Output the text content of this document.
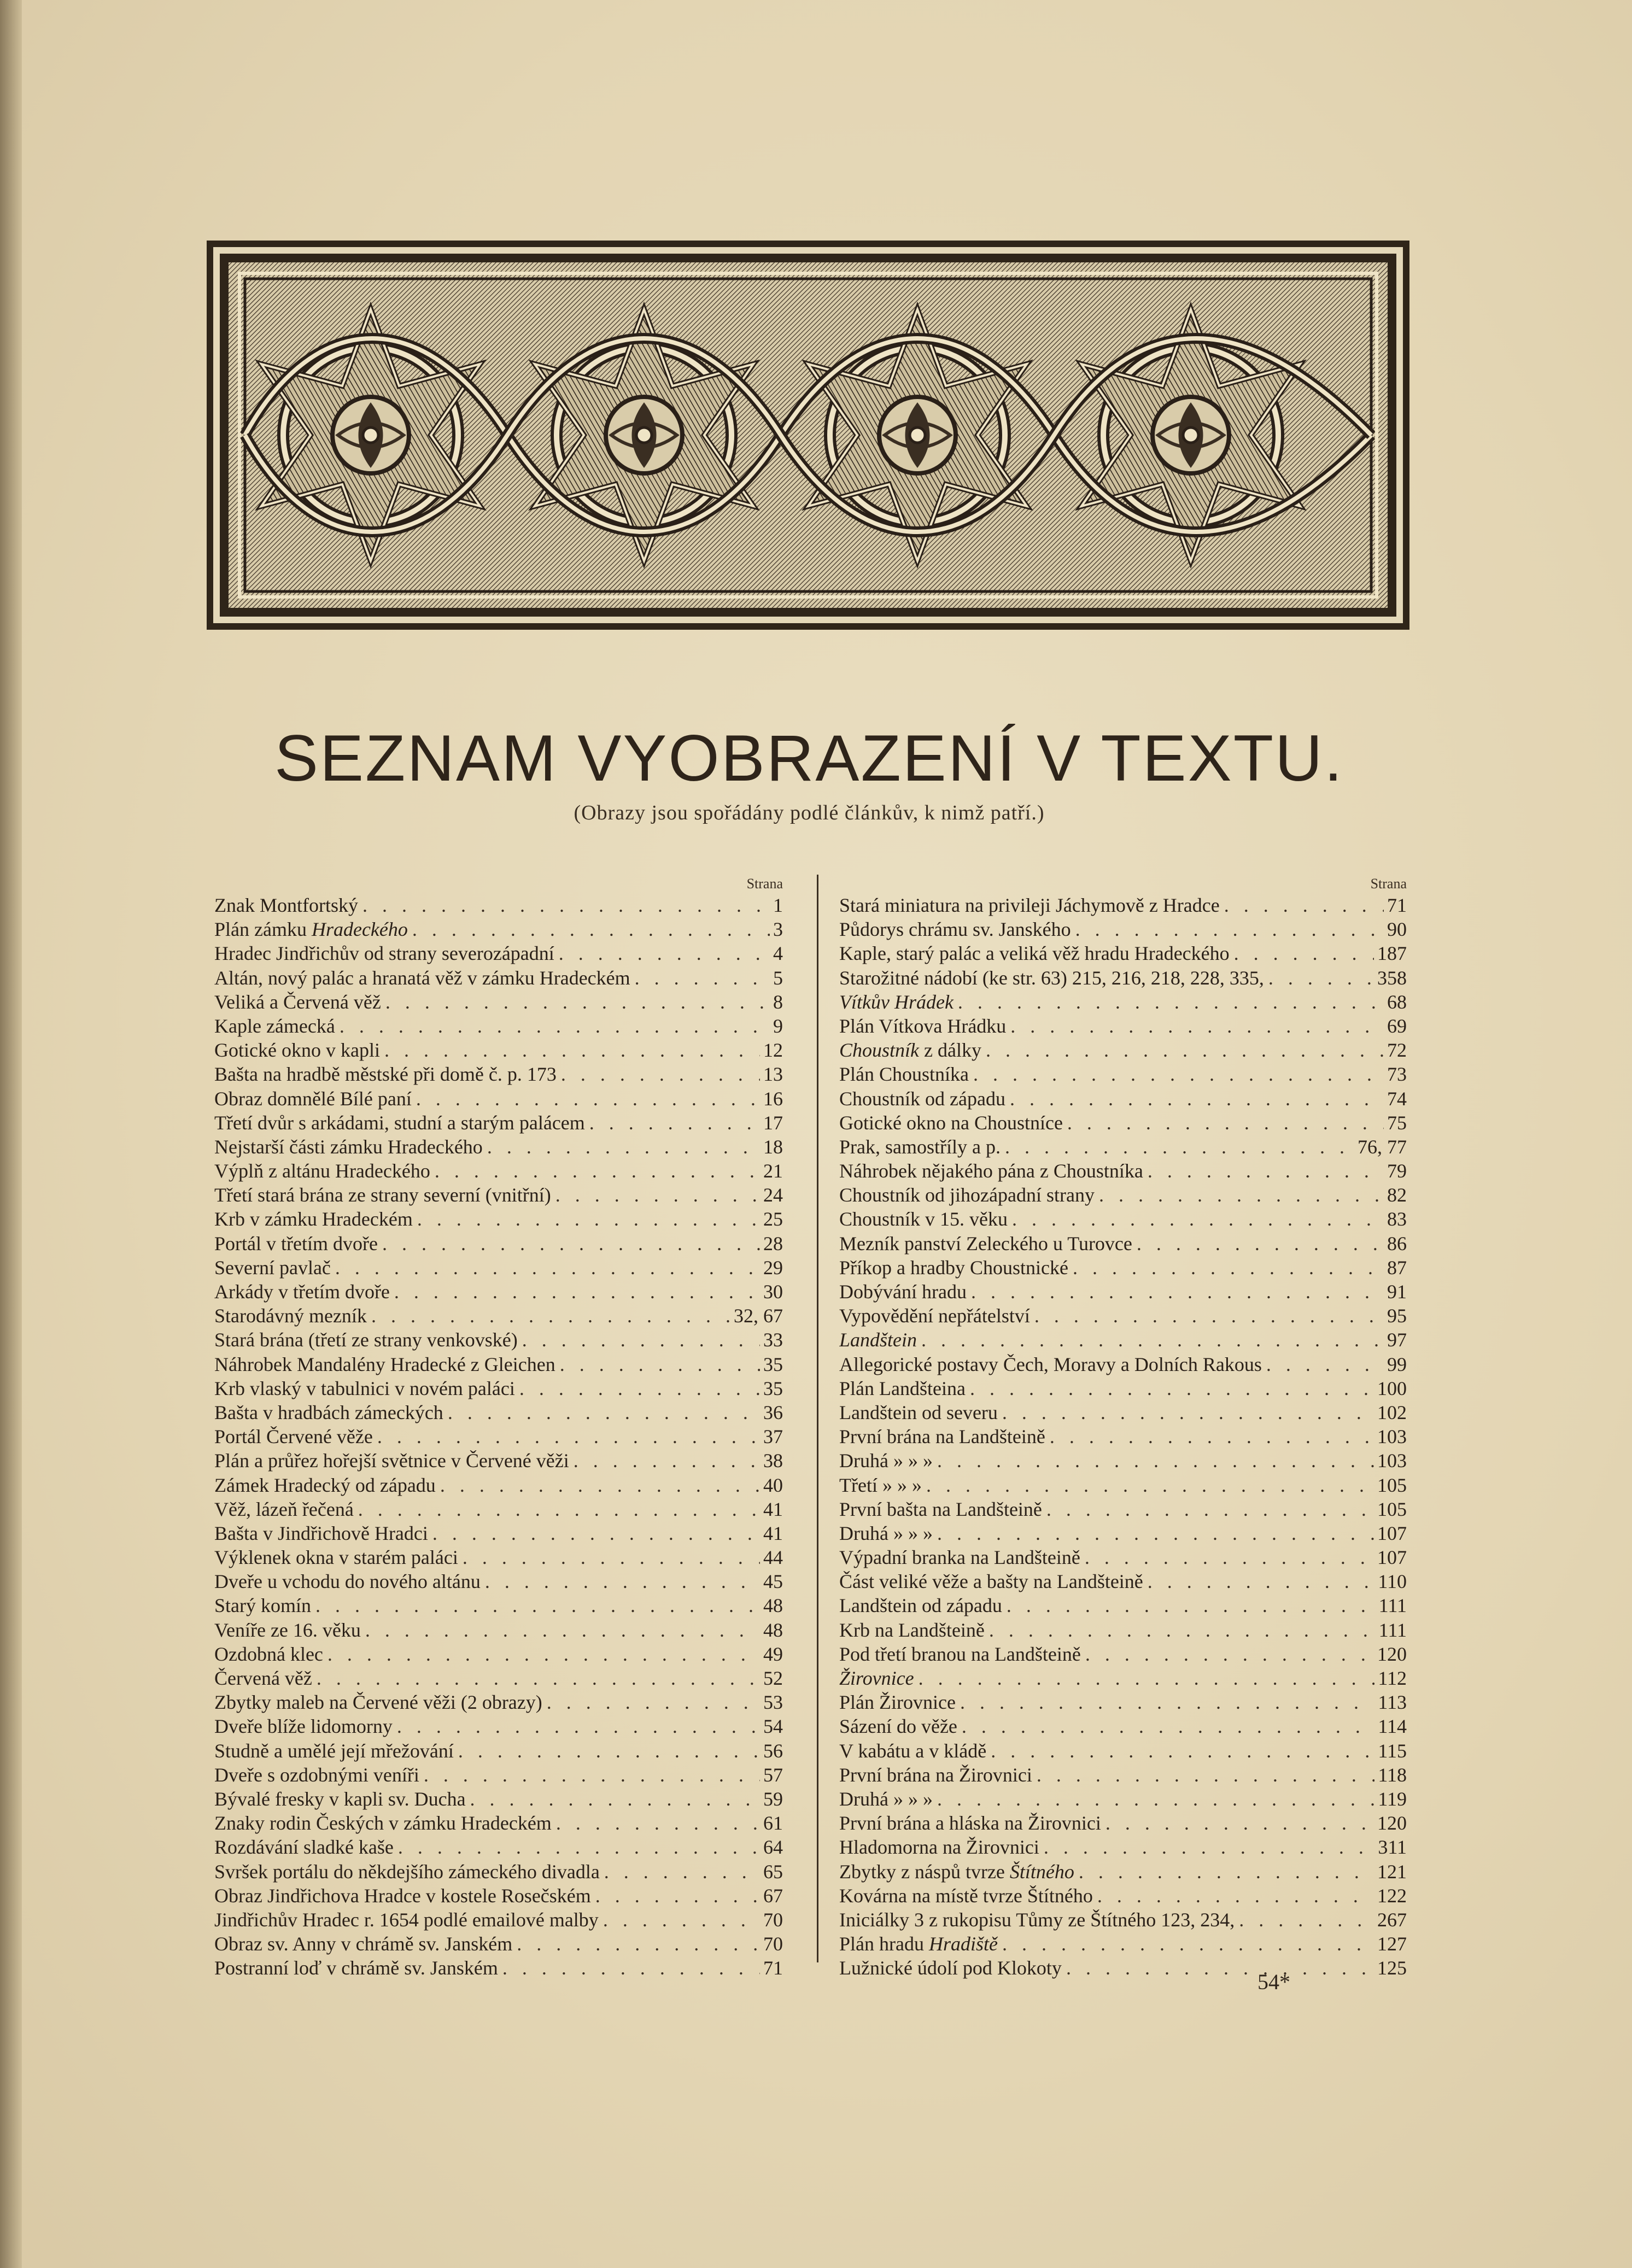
SEZNAM VYOBRAZENÍ V TEXTU.
(Obrazy jsou spořádány podlé článkův, k nimž patří.)
Strana
Znak Montfortský . . .	1
Plán zámku Hradeckého . . .	3
Hradec Jindřichův od strany severozápadní . . .	4
Altán, nový palác a hranatá věž v zámku Hradeckém . . .	5
Veliká a Červená věž . . .	8
Kaple zámecká . . .	9
Gotické okno v kapli . . .	12
Bašta na hradbě městské při domě č. p. 173 . . .	13
Obraz domnělé Bílé paní . . .	16
Třetí dvůr s arkádami, studní a starým palácem . . .	17
Nejstarší části zámku Hradeckého . . .	18
Výplň z altánu Hradeckého . . .	21
Třetí stará brána ze strany severní (vnitřní) . . .	24
Krb v zámku Hradeckém . . .	25
Portál v třetím dvoře . . .	28
Severní pavlač . . .	29
Arkády v třetím dvoře . . .	30
Starodávný mezník . . .	32, 67
Stará brána (třetí ze strany venkovské) . . .	33
Náhrobek Mandalény Hradecké z Gleichen . . .	35
Krb vlaský v tabulnici v novém paláci . . .	35
Bašta v hradbách zámeckých . . .	36
Portál Červené věže . . .	37
Plán a průřez hořejší světnice v Červené věži . . .	38
Zámek Hradecký od západu . . .	40
Věž, lázeň řečená . . .	41
Bašta v Jindřichově Hradci . . .	41
Výklenek okna v starém paláci . . .	44
Dveře u vchodu do nového altánu . . .	45
Starý komín . . .	48
Veníře ze 16. věku . . .	48
Ozdobná klec . . .	49
Červená věž . . .	52
Zbytky maleb na Červené věži (2 obrazy) . . .	53
Dveře blíže lidomorny . . .	54
Studně a umělé její mřežování . . .	56
Dveře s ozdobnými veníři . . .	57
Bývalé fresky v kapli sv. Ducha . . .	59
Znaky rodin Českých v zámku Hradeckém . . .	61
Rozdávání sladké kaše . . .	64
Svršek portálu do někdejšího zámeckého divadla . . .	65
Obraz Jindřichova Hradce v kostele Rosečském . . .	67
Jindřichův Hradec r. 1654 podlé emailové malby . . .	70
Obraz sv. Anny v chrámě sv. Janském . . .	70
Postranní loď v chrámě sv. Janském . . .	71
Strana
Stará miniatura na privileji Jáchymově z Hradce . . .	71
Půdorys chrámu sv. Janského . . .	90
Kaple, starý palác a veliká věž hradu Hradeckého . . .	187
Starožitné nádobí (ke str. 63) 215, 216, 218, 228, 335, . . .	358
Vítkův Hrádek . . .	68
Plán Vítkova Hrádku . . .	69
Choustník z dálky . . .	72
Plán Choustníka . . .	73
Choustník od západu . . .	74
Gotické okno na Choustníce . . .	75
Prak, samostříly a p. . . .	76, 77
Náhrobek nějakého pána z Choustníka . . .	79
Choustník od jihozápadní strany . . .	82
Choustník v 15. věku . . .	83
Mezník panství Zeleckého u Turovce . . .	86
Příkop a hradby Choustnické . . .	87
Dobývání hradu . . .	91
Vypovědění nepřátelství . . .	95
Landštein . . .	97
Allegorické postavy Čech, Moravy a Dolních Rakous . . .	99
Plán Landšteina . . .	100
Landštein od severu . . .	102
První brána na Landšteině . . .	103
Druhá » » » . . .	103
Třetí » » » . . .	105
První bašta na Landšteině . . .	105
Druhá » » » . . .	107
Výpadní branka na Landšteině . . .	107
Část veliké věže a bašty na Landšteině . . .	110
Landštein od západu . . .	111
Krb na Landšteině . . .	111
Pod třetí branou na Landšteině . . .	120
Žirovnice . . .	112
Plán Žirovnice . . .	113
Sázení do věže . . .	114
V kabátu a v kládě . . .	115
První brána na Žirovnici . . .	118
Druhá » » » . . .	119
První brána a hláska na Žirovnici . . .	120
Hladomorna na Žirovnici . . .	311
Zbytky z náspů tvrze Štítného . . .	121
Kovárna na místě tvrze Štítného . . .	122
Iniciálky 3 z rukopisu Tůmy ze Štítného 123, 234, . . .	267
Plán hradu Hradiště . . .	127
Lužnické údolí pod Klokoty . . .	125
54*
